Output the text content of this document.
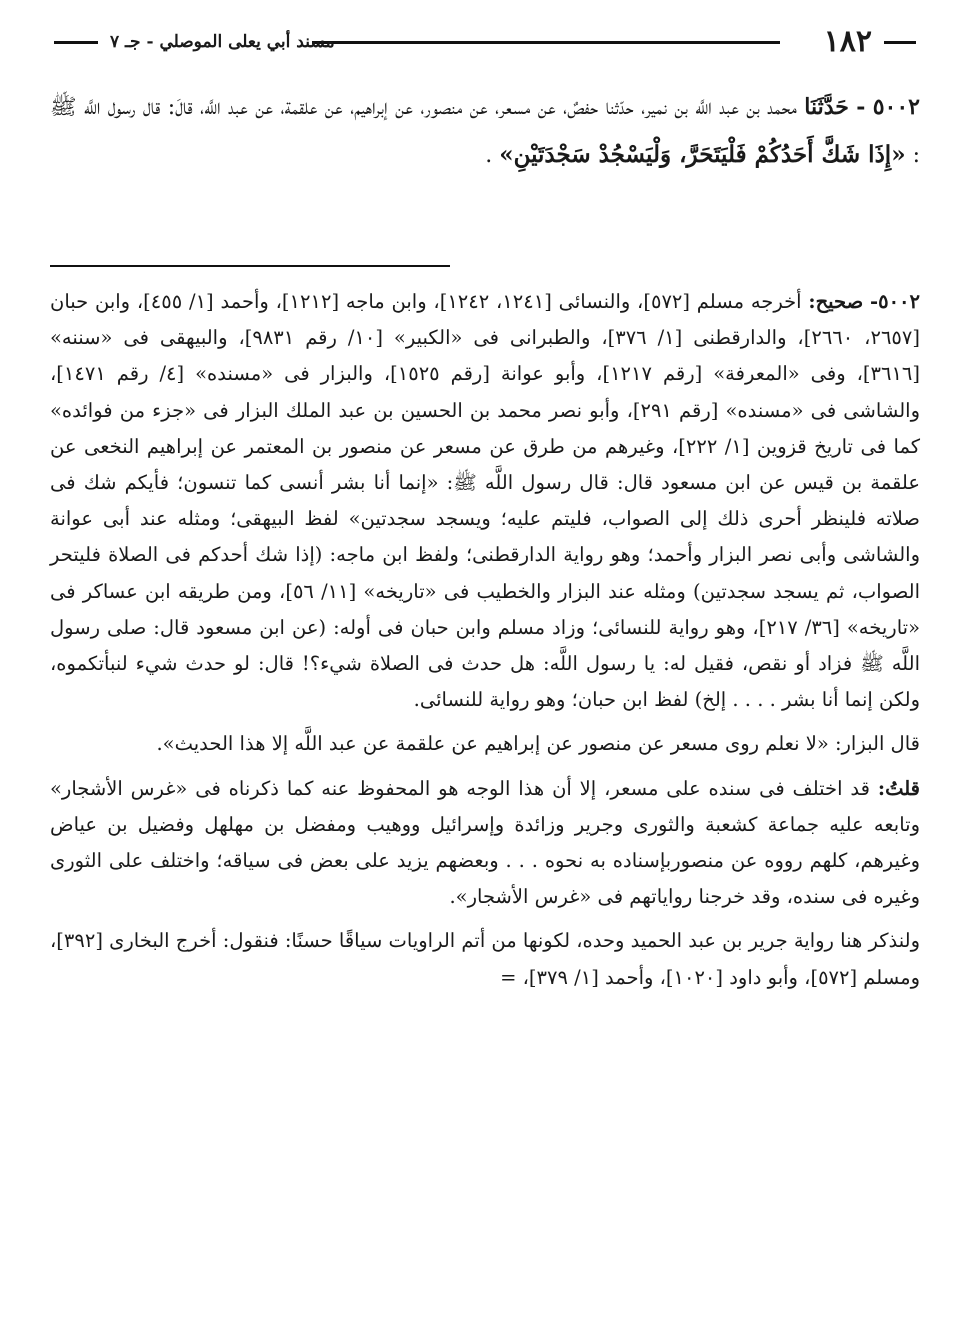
١٨٢
مسند أبي يعلى الموصلي - جـ ٧
٥٠٠٢ - حَدَّثَنَا محمد بن عبد اللَّه بن نمير، حدّثنا حفصٌ، عن مسعر، عن منصور، عن إبراهيم، عن علقمة، عن عبد اللَّه، قالَ: قال رسول اللَّه ﷺ : «إِذَا شَكَّ أَحَدُكُمْ فَلْيَتَحَرَّ، وَلْيَسْجُدْ سَجْدَتَيْنِ» .

٥٠٠٢- صحيح: أخرجه مسلم [٥٧٢]، والنسائى [١٢٤١، ١٢٤٢]، وابن ماجه [١٢١٢]، وأحمد [١/ ٤٥٥]، وابن حبان [٢٦٥٧، ٢٦٦٠]، والدارقطنى [١/ ٣٧٦]، والطبرانى فى «الكبير» [١٠/ رقم ٩٨٣١]، والبيهقى فى «سننه» [٣٦١٦]، وفى «المعرفة» [رقم ١٢١٧]، وأبو عوانة [رقم ١٥٢٥]، والبزار فى «مسنده» [٤/ رقم ١٤٧١]، والشاشى فى «مسنده» [رقم ٢٩١]، وأبو نصر محمد بن الحسين بن عبد الملك البزار فى «جزء من فوائده» كما فى تاريخ قزوين [١/ ٢٢٢]، وغيرهم من طرق عن مسعر عن منصور بن المعتمر عن إبراهيم النخعى عن علقمة بن قيس عن ابن مسعود قال: قال رسول اللَّه ﷺ: «إنما أنا بشر أنسى كما تنسون؛ فأيكم شك فى صلاته فلينظر أحرى ذلك إلى الصواب، فليتم عليه؛ ويسجد سجدتين» لفظ البيهقى؛ ومثله عند أبى عوانة والشاشى وأبى نصر البزار وأحمد؛ وهو رواية الدارقطنى؛ ولفظ ابن ماجه: (إذا شك أحدكم فى الصلاة فليتحر الصواب، ثم يسجد سجدتين) ومثله عند البزار والخطيب فى «تاريخه» [١١/ ٥٦]، ومن طريقه ابن عساكر فى «تاريخه» [٣٦/ ٢١٧]، وهو رواية للنسائى؛ وزاد مسلم وابن حبان فى أوله: (عن ابن مسعود قال: صلى رسول اللَّه ﷺ فزاد أو نقص، فقيل له: يا رسول اللَّه: هل حدث فى الصلاة شيء؟! قال: لو حدث شيء لنبأتكموه، ولكن إنما أنا بشر . . . . إلخ) لفظ ابن حبان؛ وهو رواية للنسائى.

قال البزار: «لا نعلم روى مسعر عن منصور عن إبراهيم عن علقمة عن عبد اللَّه إلا هذا الحديث».

قلتُ: قد اختلف فى سنده على مسعر، إلا أن هذا الوجه هو المحفوظ عنه كما ذكرناه فى «غرس الأشجار» وتابعه عليه جماعة كشعبة والثورى وجرير وزائدة وإسرائيل ووهيب ومفضل بن مهلهل وفضيل بن عياض وغيرهم، كلهم رووه عن منصوربإسناده به نحوه . . . وبعضهم يزيد على بعض فى سياقه؛ واختلف على الثورى وغيره فى سنده، وقد خرجنا رواياتهم فى «غرس الأشجار».

ولنذكر هنا رواية جرير بن عبد الحميد وحده، لكونها من أتم الراويات سياقًا حسنًا: فنقول: أخرج البخارى [٣٩٢]، ومسلم [٥٧٢]، وأبو داود [١٠٢٠]، وأحمد [١/ ٣٧٩]، =
